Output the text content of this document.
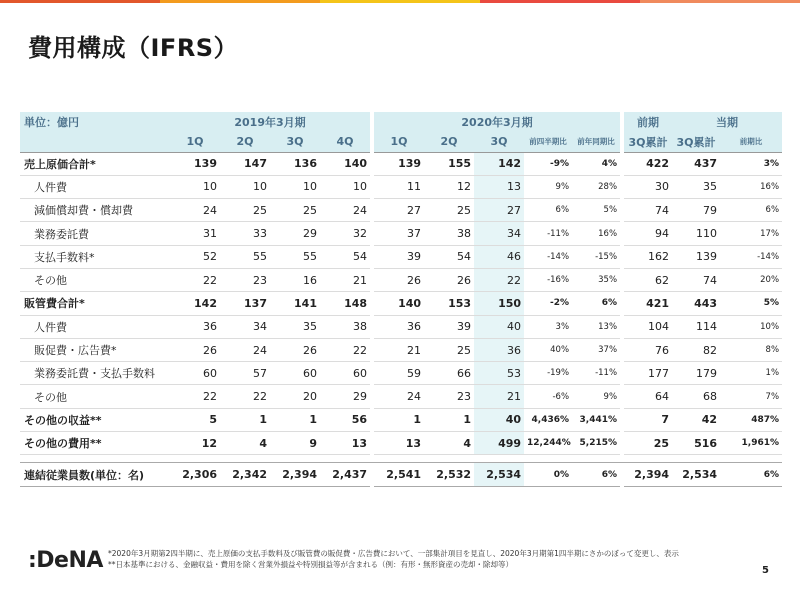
費用構成（IFRS）
単位：億円	2019年3月期					2020年3月期						前期	当期	
	1Q	2Q	3Q	4Q		1Q	2Q	3Q	前四半期比	前年同期比		3Q累計	3Q累計	前期比
売上原価合計*	139	147	136	140		139	155	142	-9%	4%		422	437	3%
人件費	10	10	10	10		11	12	13	9%	28%		30	35	16%
減価償却費・償却費	24	25	25	24		27	25	27	6%	5%		74	79	6%
業務委託費	31	33	29	32		37	38	34	-11%	16%		94	110	17%
支払手数料*	52	55	55	54		39	54	46	-14%	-15%		162	139	-14%
その他	22	23	16	21		26	26	22	-16%	35%		62	74	20%
販管費合計*	142	137	141	148		140	153	150	-2%	6%		421	443	5%
人件費	36	34	35	38		36	39	40	3%	13%		104	114	10%
販促費・広告費*	26	24	26	22		21	25	36	40%	37%		76	82	8%
業務委託費・支払手数料	60	57	60	60		59	66	53	-19%	-11%		177	179	1%
その他	22	22	20	29		24	23	21	-6%	9%		64	68	7%
その他の収益**	5	1	1	56		1	1	40	4,436%	3,441%		7	42	487%
その他の費用**	12	4	9	13		13	4	499	12,244%	5,215%		25	516	1,961%

連結従業員数(単位：名)	2,306	2,342	2,394	2,437		2,541	2,532	2,534	0%	6%		2,394	2,534	6%
:DeNA *2020年3月期第2四半期に、売上原価の支払手数料及び販管費の販促費・広告費において、一部集計項目を見直し、2020年3月期第1四半期にさかのぼって変更し、表示
**日本基準における、金融収益・費用を除く営業外損益や特別損益等が含まれる（例：有形・無形資産の売却・除却等）
5
